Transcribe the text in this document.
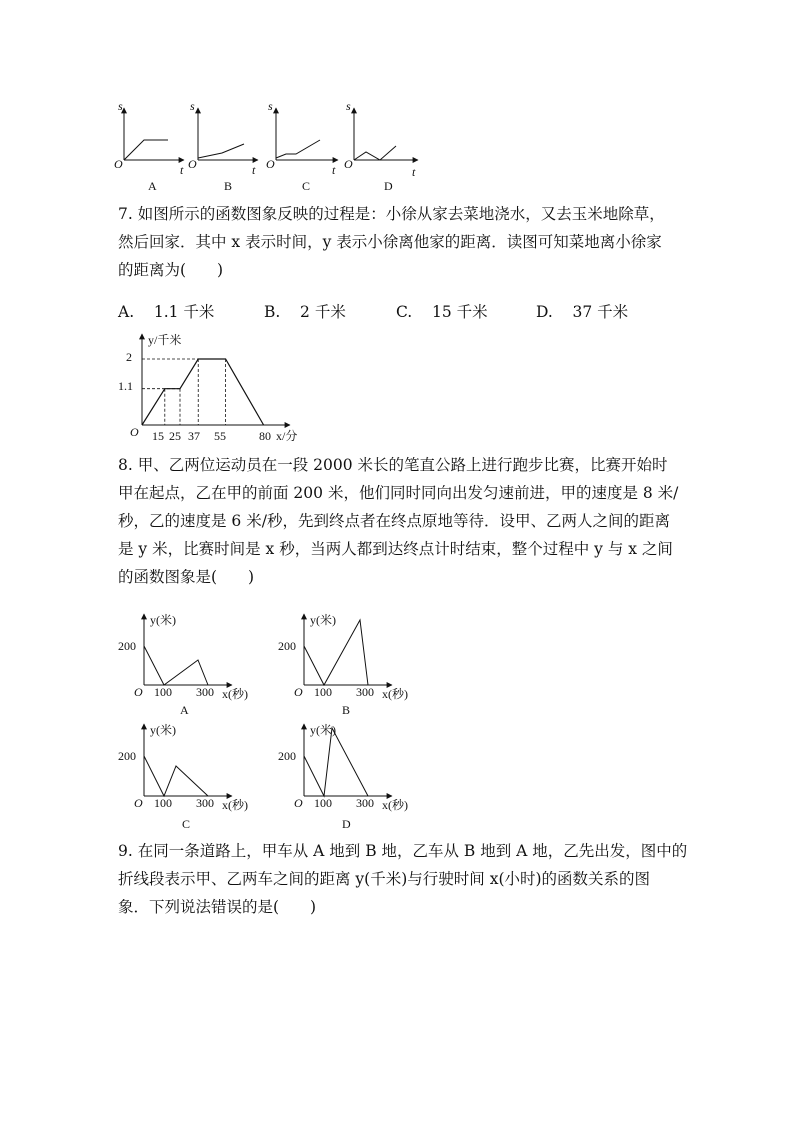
s
O	t
A
s
O	t
B
s
O	t
C
s
O
t
D
7. 如图所示的函数图象反映的过程是：小徐从家去菜地浇水，又去玉米地除草，
然后回家．其中 x 表示时间，y 表示小徐离他家的距离．读图可知菜地离小徐家
的距离为(　　)
A. 1.1 千米	B. 2 千米	C. 15 千米	D. 37 千米
y/千米
O
2
1.1
15 25 37 55	80 x/分
8. 甲、乙两位运动员在一段 2000 米长的笔直公路上进行跑步比赛，比赛开始时
甲在起点，乙在甲的前面 200 米，他们同时同向出发匀速前进，甲的速度是 8 米/
秒，乙的速度是 6 米/秒，先到终点者在终点原地等待．设甲、乙两人之间的距离
是 y 米，比赛时间是 x 秒，当两人都到达终点计时结束，整个过程中 y 与 x 之间
的函数图象是(　　)
y(米)
200
O 100 300 x(秒)
A
y(米)
200
O 100 300 x(秒)
B
y(米)
200
O 100 300 x(秒)
C
y(米)
200
O 100 300 x(秒)
D
9. 在同一条道路上，甲车从 A 地到 B 地，乙车从 B 地到 A 地，乙先出发，图中的
折线段表示甲、乙两车之间的距离 y(千米)与行驶时间 x(小时)的函数关系的图
象．下列说法错误的是(　　)
